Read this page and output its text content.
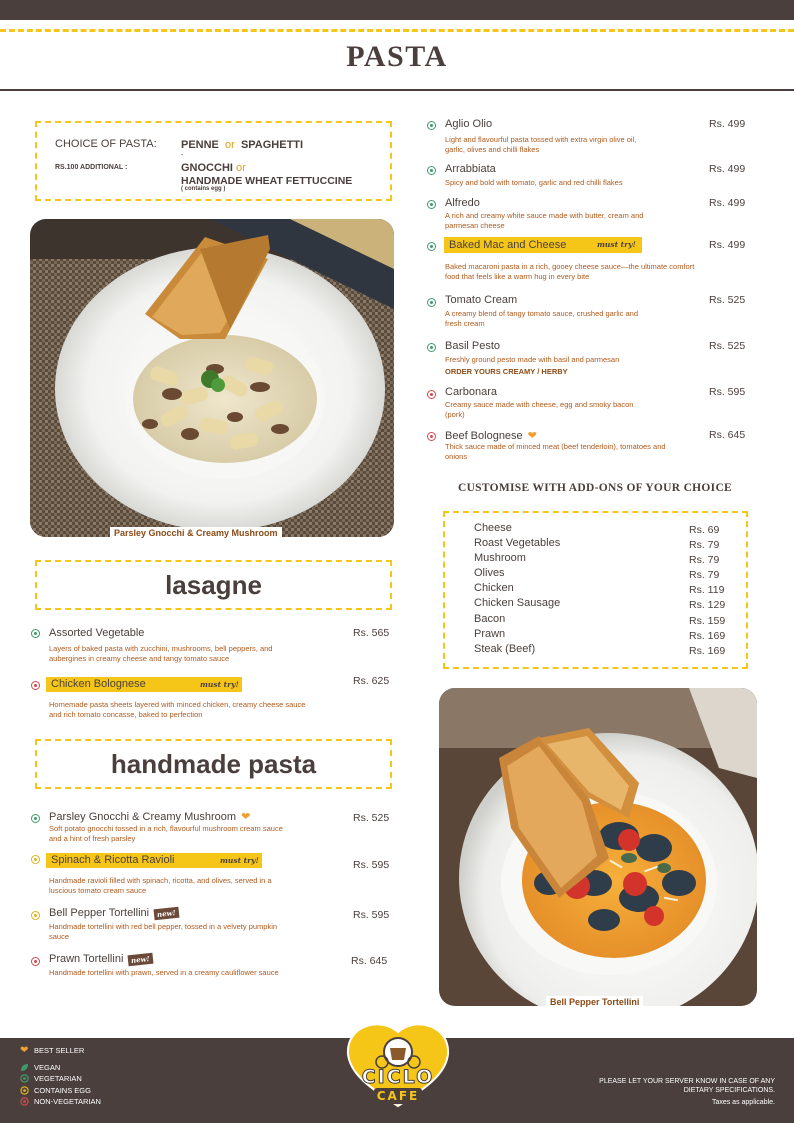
PASTA
CHOICE OF PASTA:
RS.100 ADDITIONAL :
PENNE or SPAGHETTI
-
GNOCCHI or
HANDMADE WHEAT FETTUCCINE
( contains egg )
Parsley Gnocchi & Creamy Mushroom
lasagne
Assorted Vegetable	Rs. 565
Layers of baked pasta with zucchini, mushrooms, bell peppers, and aubergines in creamy cheese and tangy tomato sauce
Chicken Bolognese	must try!	Rs. 625
Homemade pasta sheets layered with minced chicken, creamy cheese sauce and rich tomato concasse, baked to perfection
handmade pasta
Parsley Gnocchi & Creamy Mushroom ❤	Rs. 525
Soft potato gnocchi tossed in a rich, flavourful mushroom cream sauce and a hint of fresh parsley
Spinach & Ricotta Ravioli	must try!	Rs. 595
Handmade ravioli filled with spinach, ricotta, and olives, served in a luscious tomato cream sauce
Bell Pepper Tortellini new!	Rs. 595
Handmade tortellini with red bell pepper, tossed in a velvety pumpkin sauce
Prawn Tortellini new!	Rs. 645
Handmade tortellini with prawn, served in a creamy cauliflower sauce
Aglio Olio	Rs. 499
Light and flavourful pasta tossed with extra virgin olive oil, garlic, olives and chilli flakes
Arrabbiata	Rs. 499
Spicy and bold with tomato, garlic and red chilli flakes
Alfredo	Rs. 499
A rich and creamy white sauce made with butter, cream and parmesan cheese
Baked Mac and Cheese	must try!	Rs. 499
Baked macaroni pasta in a rich, gooey cheese sauce—the ultimate comfort food that feels like a warm hug in every bite
Tomato Cream	Rs. 525
A creamy blend of tangy tomato sauce, crushed garlic and fresh cream
Basil Pesto	Rs. 525
Freshly ground pesto made with basil and parmesan
ORDER YOURS CREAMY / HERBY
Carbonara	Rs. 595
Creamy sauce made with cheese, egg and smoky bacon (pork)
Beef Bolognese ❤	Rs. 645
Thick sauce made of minced meat (beef tenderloin), tomatoes and onions
CUSTOMISE WITH ADD-ONS OF YOUR CHOICE
Cheese	Rs. 69
Roast Vegetables	Rs. 79
Mushroom	Rs. 79
Olives	Rs. 79
Chicken	Rs. 119
Chicken Sausage	Rs. 129
Bacon	Rs. 159
Prawn	Rs. 169
Steak (Beef)	Rs. 169
Bell Pepper Tortellini
❤ BEST SELLER
VEGAN
VEGETARIAN
CONTAINS EGG
NON-VEGETARIAN
CICLO
CAFE
PLEASE LET YOUR SERVER KNOW IN CASE OF ANY
DIETARY SPECIFICATIONS.
Taxes as applicable.
